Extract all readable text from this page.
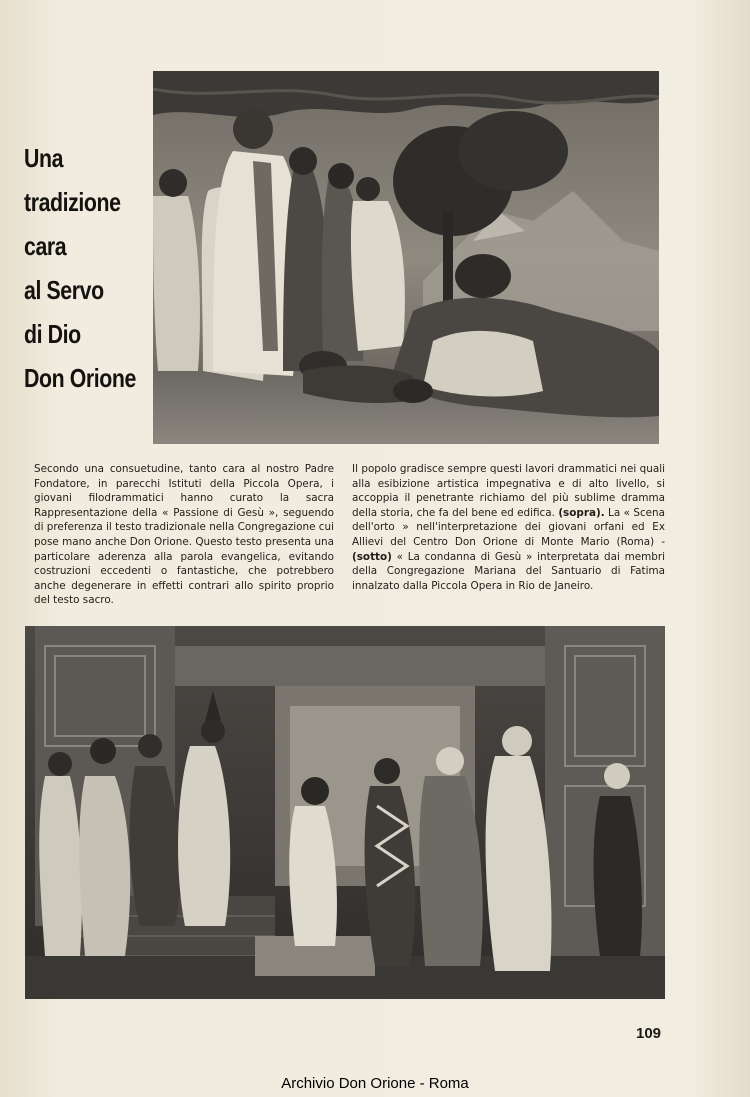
Una
tradizione
cara
al Servo
di Dio
Don Orione
Secondo una consuetudine, tanto cara al nostro Padre Fondatore, in parecchi Istituti della Piccola Opera, i giovani filodrammatici hanno curato la sacra Rappresentazione della « Passione di Gesù », seguendo di preferenza il testo tradizionale nella Congregazione cui pose mano anche Don Orione. Questo testo presenta una particolare aderenza alla parola evangelica, evitando costruzioni eccedenti o fantastiche, che potrebbero anche degenerare in effetti contrari allo spirito proprio del testo sacro.
Il popolo gradisce sempre questi lavori drammatici nei quali alla esibizione artistica impegnativa e di alto livello, si accoppia il penetrante richiamo del più sublime dramma della storia, che fa del bene ed edifica. (sopra). La « Scena dell'orto » nell'interpretazione dei giovani orfani ed Ex Allievi del Centro Don Orione di Monte Mario (Roma) - (sotto) « La condanna di Gesù » interpretata dai membri della Congregazione Mariana del Santuario di Fatima innalzato dalla Piccola Opera in Rio de Janeiro.
109
Archivio Don Orione - Roma
